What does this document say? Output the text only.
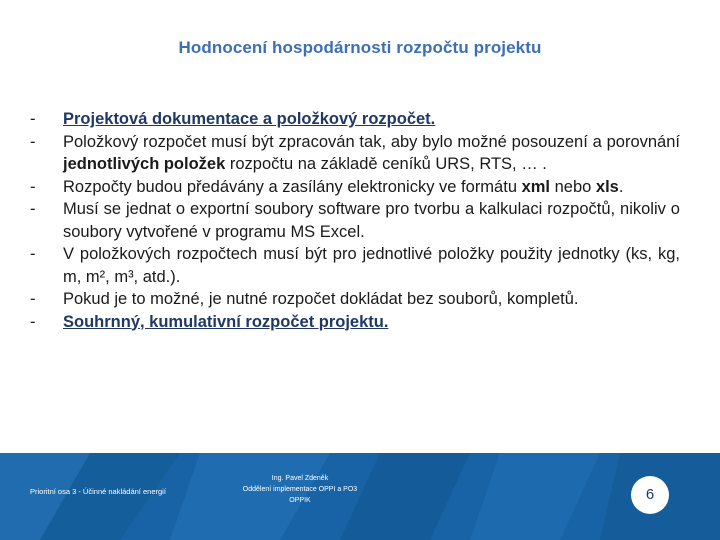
Hodnocení hospodárnosti rozpočtu projektu
-	Projektová dokumentace a položkový rozpočet.
-	Položkový rozpočet musí být zpracován tak, aby bylo možné posouzení a porovnání jednotlivých položek rozpočtu na základě ceníků URS, RTS, … .
-	Rozpočty budou předávány a zasílány elektronicky ve formátu xml nebo xls.
-	Musí se jednat o exportní soubory software pro tvorbu a kalkulaci rozpočtů, nikoliv o soubory vytvořené v programu MS Excel.
-	V položkových rozpočtech musí být pro jednotlivé položky použity jednotky (ks, kg, m, m², m³, atd.).
-	Pokud je to možné, je nutné rozpočet dokládat bez souborů, kompletů.
-	Souhrnný, kumulativní rozpočet projektu.
Prioritní osa 3 - Účinné nakládání energií
Ing. Pavel Zdeněk
Oddělení implementace OPPI a PO3
OPPIK	6
